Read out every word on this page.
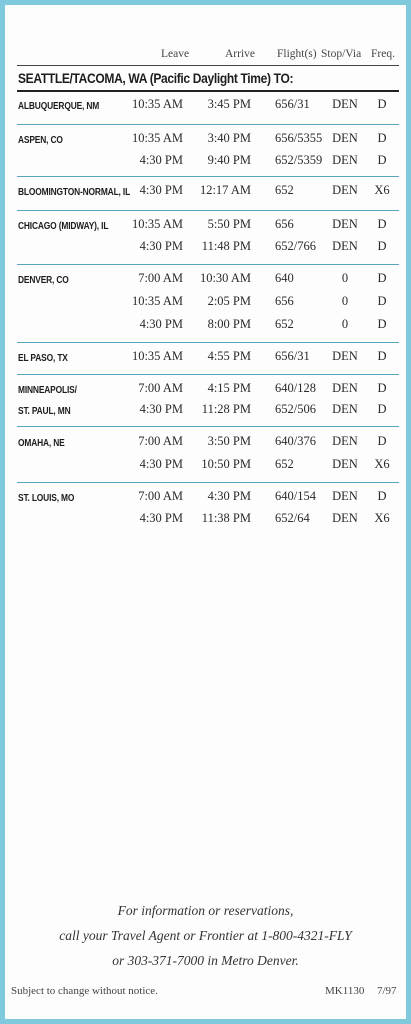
Leave	Arrive Flight(s) Stop/Via Freq.
SEATTLE/TACOMA, WA (Pacific Daylight Time) TO:
ALBUQUERQUE, NM	10:35 AM	3:45 PM 656/31	DEN	D
ASPEN, CO	10:35 AM	3:40 PM 656/5355 DEN	D
4:30 PM	9:40 PM 652/5359 DEN	D
BLOOMINGTON-NORMAL, IL 4:30 PM	12:17 AM 652	DEN	X6
CHICAGO (MIDWAY), IL	10:35 AM	5:50 PM 656	DEN	D
4:30 PM	11:48 PM 652/766	DEN	D
DENVER, CO	7:00 AM	10:30 AM 640	0	D
10:35 AM	2:05 PM 656	0	D
4:30 PM	8:00 PM 652	0	D
EL PASO, TX	10:35 AM	4:55 PM 656/31	DEN	D
MINNEAPOLIS/
ST. PAUL, MN
7:00 AM	4:15 PM 640/128	DEN	D
4:30 PM	11:28 PM 652/506	DEN	D
OMAHA, NE	7:00 AM	3:50 PM 640/376	DEN	D
4:30 PM	10:50 PM 652	DEN	X6
ST. LOUIS, MO	7:00 AM	4:30 PM 640/154	DEN	D
4:30 PM	11:38 PM 652/64	DEN	X6
For information or reservations,
call your Travel Agent or Frontier at 1-800-4321-FLY
or 303-371-7000 in Metro Denver.
Subject to change without notice.	MK1130 7/97
